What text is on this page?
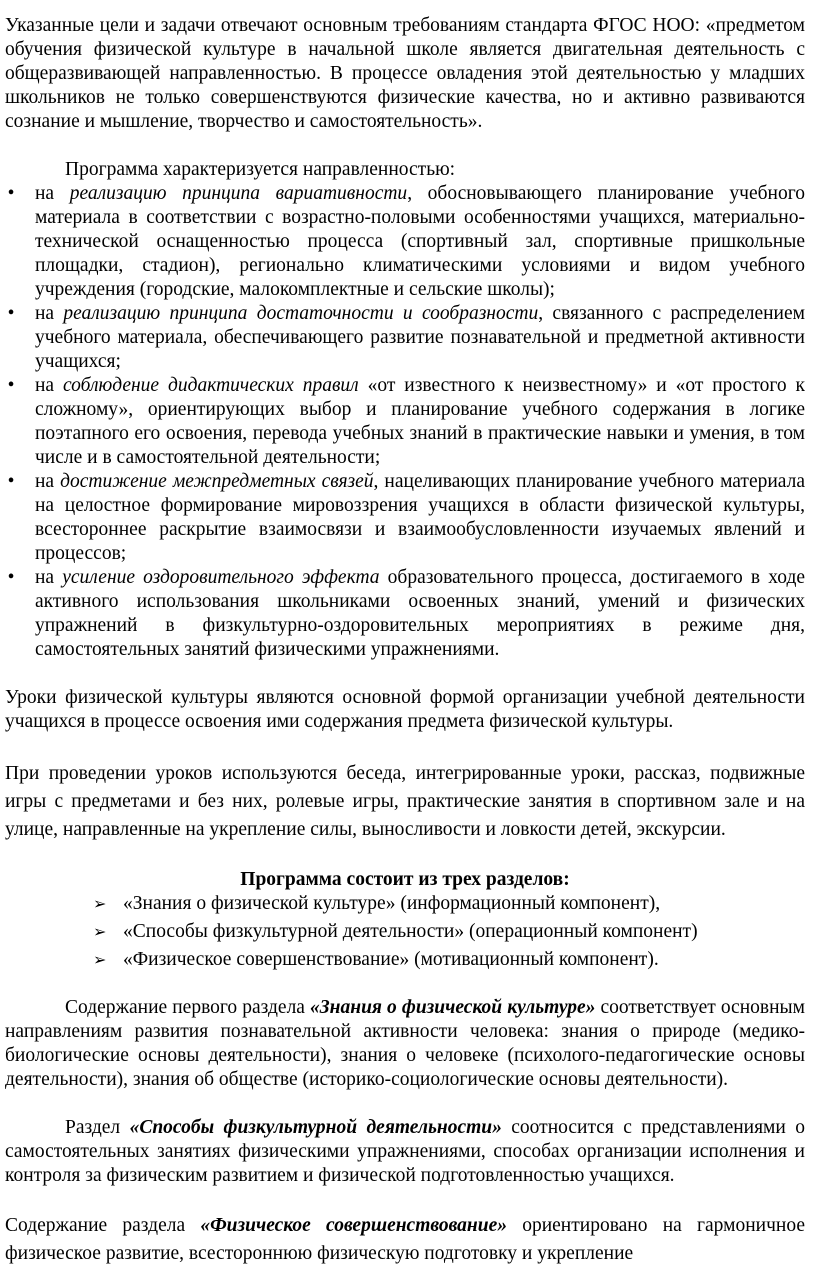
Указанные цели и задачи отвечают основным требованиям стандарта ФГОС НОО: «предметом обучения физической культуре в начальной школе является двигательная деятельность с общеразвивающей направленностью. В процессе овладения этой деятельностью у младших школьников не только совершенствуются физические качества, но и активно развиваются сознание и мышление, творчество и самостоятельность».

Программа характеризуется направленностью:

• на реализацию принципа вариативности, обосновывающего планирование учебного материала в соответствии с возрастно-половыми особенностями учащихся, материально-технической оснащенностью процесса (спортивный зал, спортивные пришкольные площадки, стадион), регионально климатическими условиями и видом учебного учреждения (городские, малокомплектные и сельские школы);
• на реализацию принципа достаточности и сообразности, связанного с распределением учебного материала, обеспечивающего развитие познавательной и предметной активности учащихся;
• на соблюдение дидактических правил «от известного к неизвестному» и «от простого к сложному», ориентирующих выбор и планирование учебного содержания в логике поэтапного его освоения, перевода учебных знаний в практические навыки и умения, в том числе и в самостоятельной деятельности;
• на достижение межпредметных связей, нацеливающих планирование учебного материала на целостное формирование мировоззрения учащихся в области физической культуры, всестороннее раскрытие взаимосвязи и взаимообусловленности изучаемых явлений и процессов;
• на усиление оздоровительного эффекта образовательного процесса, достигаемого в ходе активного использования школьниками освоенных знаний, умений и физических упражнений в физкультурно-оздоровительных мероприятиях в режиме дня, самостоятельных занятий физическими упражнениями.

Уроки физической культуры являются основной формой организации учебной деятельности учащихся в процессе освоения ими содержания предмета физической культуры.

При проведении уроков используются беседа, интегрированные уроки, рассказ, подвижные игры с предметами и без них, ролевые игры, практические занятия в спортивном зале и на улице, направленные на укрепление силы, выносливости и ловкости детей, экскурсии.

Программа состоит из трех разделов:
➢ «Знания о физической культуре» (информационный компонент),
➢ «Способы физкультурной деятельности» (операционный компонент)
➢ «Физическое совершенствование» (мотивационный компонент).

Содержание первого раздела «Знания о физической культуре» соответствует основным направлениям развития познавательной активности человека: знания о природе (медико-биологические основы деятельности), знания о человеке (психолого-педагогические основы деятельности), знания об обществе (историко-социологические основы деятельности).

Раздел «Способы физкультурной деятельности» соотносится с представлениями о самостоятельных занятиях физическими упражнениями, способах организации исполнения и контроля за физическим развитием и физической подготовленностью учащихся.

Содержание раздела «Физическое совершенствование» ориентировано на гармоничное физическое развитие, всестороннюю физическую подготовку и укрепление
